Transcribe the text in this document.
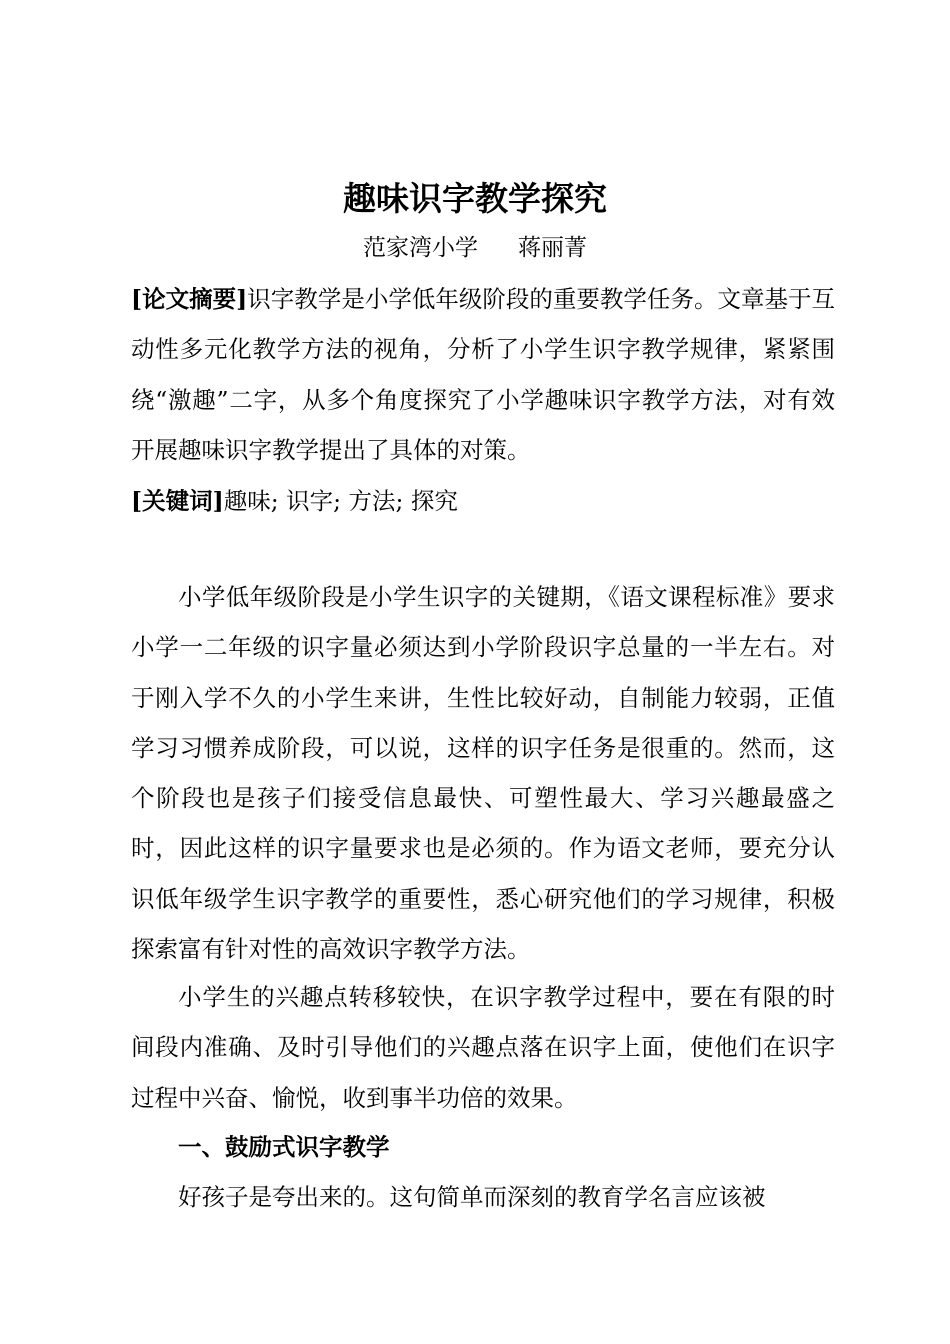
趣味识字教学探究

范家湾小学 蒋丽菁

[论文摘要]识字教学是小学低年级阶段的重要教学任务。文章基于互动性多元化教学方法的视角，分析了小学生识字教学规律，紧紧围绕“激趣”二字，从多个角度探究了小学趣味识字教学方法，对有效开展趣味识字教学提出了具体的对策。

[关键词]趣味; 识字; 方法; 探究

小学低年级阶段是小学生识字的关键期，《语文课程标准》要求小学一二年级的识字量必须达到小学阶段识字总量的一半左右。对于刚入学不久的小学生来讲，生性比较好动，自制能力较弱，正值学习习惯养成阶段，可以说，这样的识字任务是很重的。然而，这个阶段也是孩子们接受信息最快、可塑性最大、学习兴趣最盛之时，因此这样的识字量要求也是必须的。作为语文老师，要充分认识低年级学生识字教学的重要性，悉心研究他们的学习规律，积极探索富有针对性的高效识字教学方法。

小学生的兴趣点转移较快，在识字教学过程中，要在有限的时间段内准确、及时引导他们的兴趣点落在识字上面，使他们在识字过程中兴奋、愉悦，收到事半功倍的效果。

一、鼓励式识字教学

好孩子是夸出来的。这句简单而深刻的教育学名言应该被
